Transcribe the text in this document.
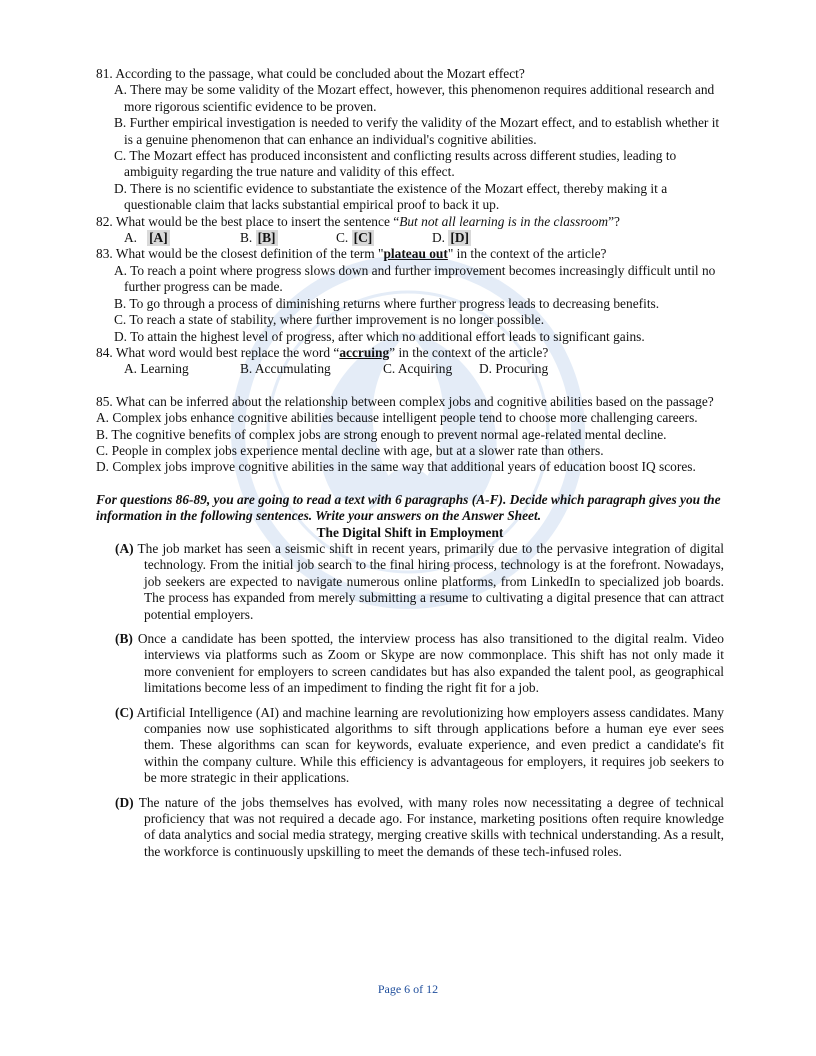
81. According to the passage, what could be concluded about the Mozart effect?

A. There may be some validity of the Mozart effect, however, this phenomenon requires additional research and more rigorous scientific evidence to be proven.

B. Further empirical investigation is needed to verify the validity of the Mozart effect, and to establish whether it is a genuine phenomenon that can enhance an individual's cognitive abilities.

C. The Mozart effect has produced inconsistent and conflicting results across different studies, leading to ambiguity regarding the true nature and validity of this effect.

D. There is no scientific evidence to substantiate the existence of the Mozart effect, thereby making it a questionable claim that lacks substantial empirical proof to back it up.

82. What would be the best place to insert the sentence “But not all learning is in the classroom”?

A. [A]	B. [B]	C. [C]	D. [D]

83. What would be the closest definition of the term "plateau out" in the context of the article?

A. To reach a point where progress slows down and further improvement becomes increasingly difficult until no further progress can be made.

B. To go through a process of diminishing returns where further progress leads to decreasing benefits.

C. To reach a state of stability, where further improvement is no longer possible.

D. To attain the highest level of progress, after which no additional effort leads to significant gains.

84. What word would best replace the word “accruing” in the context of the article?

A. Learning	B. Accumulating	C. Acquiring	D. Procuring

85. What can be inferred about the relationship between complex jobs and cognitive abilities based on the passage?

A. Complex jobs enhance cognitive abilities because intelligent people tend to choose more challenging careers.

B. The cognitive benefits of complex jobs are strong enough to prevent normal age-related mental decline.

C. People in complex jobs experience mental decline with age, but at a slower rate than others.

D. Complex jobs improve cognitive abilities in the same way that additional years of education boost IQ scores.

For questions 86-89, you are going to read a text with 6 paragraphs (A-F). Decide which paragraph gives you the information in the following sentences. Write your answers on the Answer Sheet.

The Digital Shift in Employment

(A) The job market has seen a seismic shift in recent years, primarily due to the pervasive integration of digital technology. From the initial job search to the final hiring process, technology is at the forefront. Nowadays, job seekers are expected to navigate numerous online platforms, from LinkedIn to specialized job boards. The process has expanded from merely submitting a resume to cultivating a digital presence that can attract potential employers.

(B) Once a candidate has been spotted, the interview process has also transitioned to the digital realm. Video interviews via platforms such as Zoom or Skype are now commonplace. This shift has not only made it more convenient for employers to screen candidates but has also expanded the talent pool, as geographical limitations become less of an impediment to finding the right fit for a job.

(C) Artificial Intelligence (AI) and machine learning are revolutionizing how employers assess candidates. Many companies now use sophisticated algorithms to sift through applications before a human eye ever sees them. These algorithms can scan for keywords, evaluate experience, and even predict a candidate's fit within the company culture. While this efficiency is advantageous for employers, it requires job seekers to be more strategic in their applications.

(D) The nature of the jobs themselves has evolved, with many roles now necessitating a degree of technical proficiency that was not required a decade ago. For instance, marketing positions often require knowledge of data analytics and social media strategy, merging creative skills with technical understanding. As a result, the workforce is continuously upskilling to meet the demands of these tech-infused roles.

Page 6 of 12
